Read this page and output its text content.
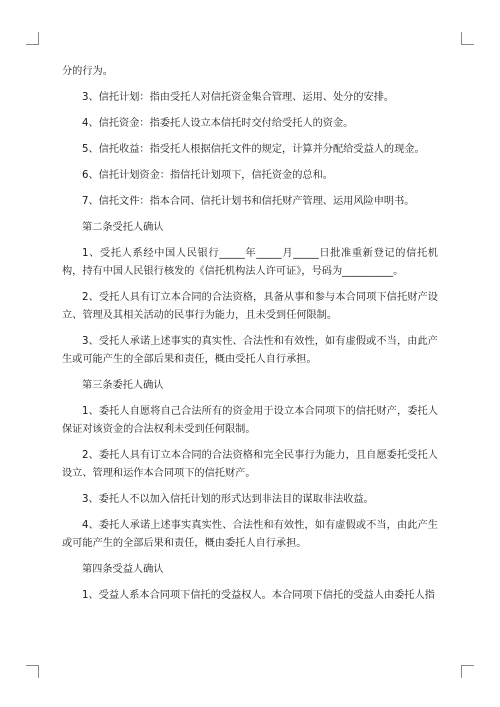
分的行为。

3、信托计划：指由受托人对信托资金集合管理、运用、处分的安排。

4、信托资金：指委托人设立本信托时交付给受托人的资金。

5、信托收益：指受托人根据信托文件的规定，计算并分配给受益人的现金。

6、信托计划资金：指信托计划项下，信托资金的总和。

7、信托文件：指本合同、信托计划书和信托财产管理、运用风险申明书。

第二条受托人确认

1、受托人系经中国人民银行_____年_____月_____日批准重新登记的信托机构，持有中国人民银行核发的《信托机构法人许可证》，号码为__________。

2、受托人具有订立本合同的合法资格，具备从事和参与本合同项下信托财产设立、管理及其相关活动的民事行为能力，且未受到任何限制。

3、受托人承诺上述事实的真实性、合法性和有效性，如有虚假或不当，由此产生或可能产生的全部后果和责任，概由受托人自行承担。

第三条委托人确认

1、委托人自愿将自己合法所有的资金用于设立本合同项下的信托财产，委托人保证对该资金的合法权利未受到任何限制。

2、委托人具有订立本合同的合法资格和完全民事行为能力，且自愿委托受托人设立、管理和运作本合同项下的信托财产。

3、委托人不以加入信托计划的形式达到非法目的谋取非法收益。

4、委托人承诺上述事实真实性、合法性和有效性，如有虚假或不当，由此产生或可能产生的全部后果和责任，概由委托人自行承担。

第四条受益人确认

1、受益人系本合同项下信托的受益权人。本合同项下信托的受益人由委托人指
